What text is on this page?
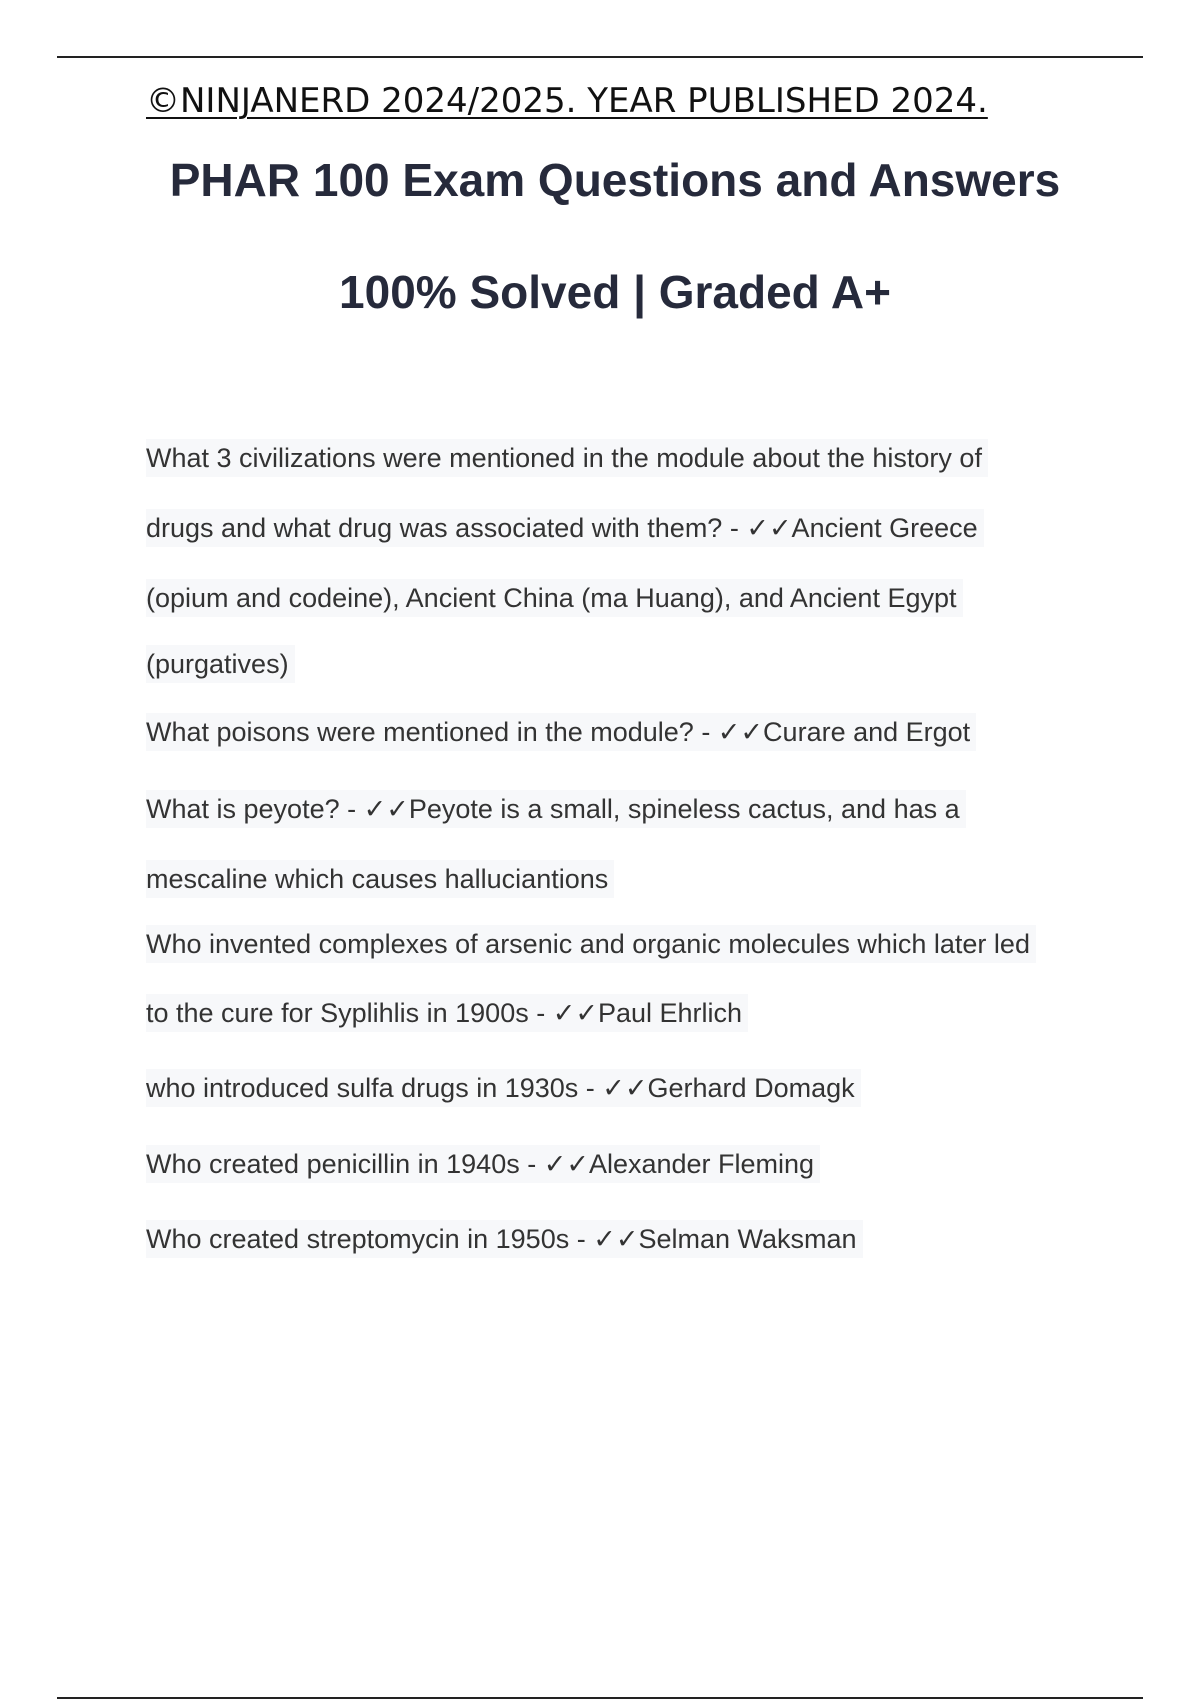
©NINJANERD 2024/2025. YEAR PUBLISHED 2024.

PHAR 100 Exam Questions and Answers
100% Solved | Graded A+

What 3 civilizations were mentioned in the module about the history of

drugs and what drug was associated with them? - ✓✓Ancient Greece

(opium and codeine), Ancient China (ma Huang), and Ancient Egypt

(purgatives)

What poisons were mentioned in the module? - ✓✓Curare and Ergot

What is peyote? - ✓✓Peyote is a small, spineless cactus, and has a

mescaline which causes halluciantions

Who invented complexes of arsenic and organic molecules which later led

to the cure for Syplihlis in 1900s - ✓✓Paul Ehrlich

who introduced sulfa drugs in 1930s - ✓✓Gerhard Domagk

Who created penicillin in 1940s - ✓✓Alexander Fleming

Who created streptomycin in 1950s - ✓✓Selman Waksman
